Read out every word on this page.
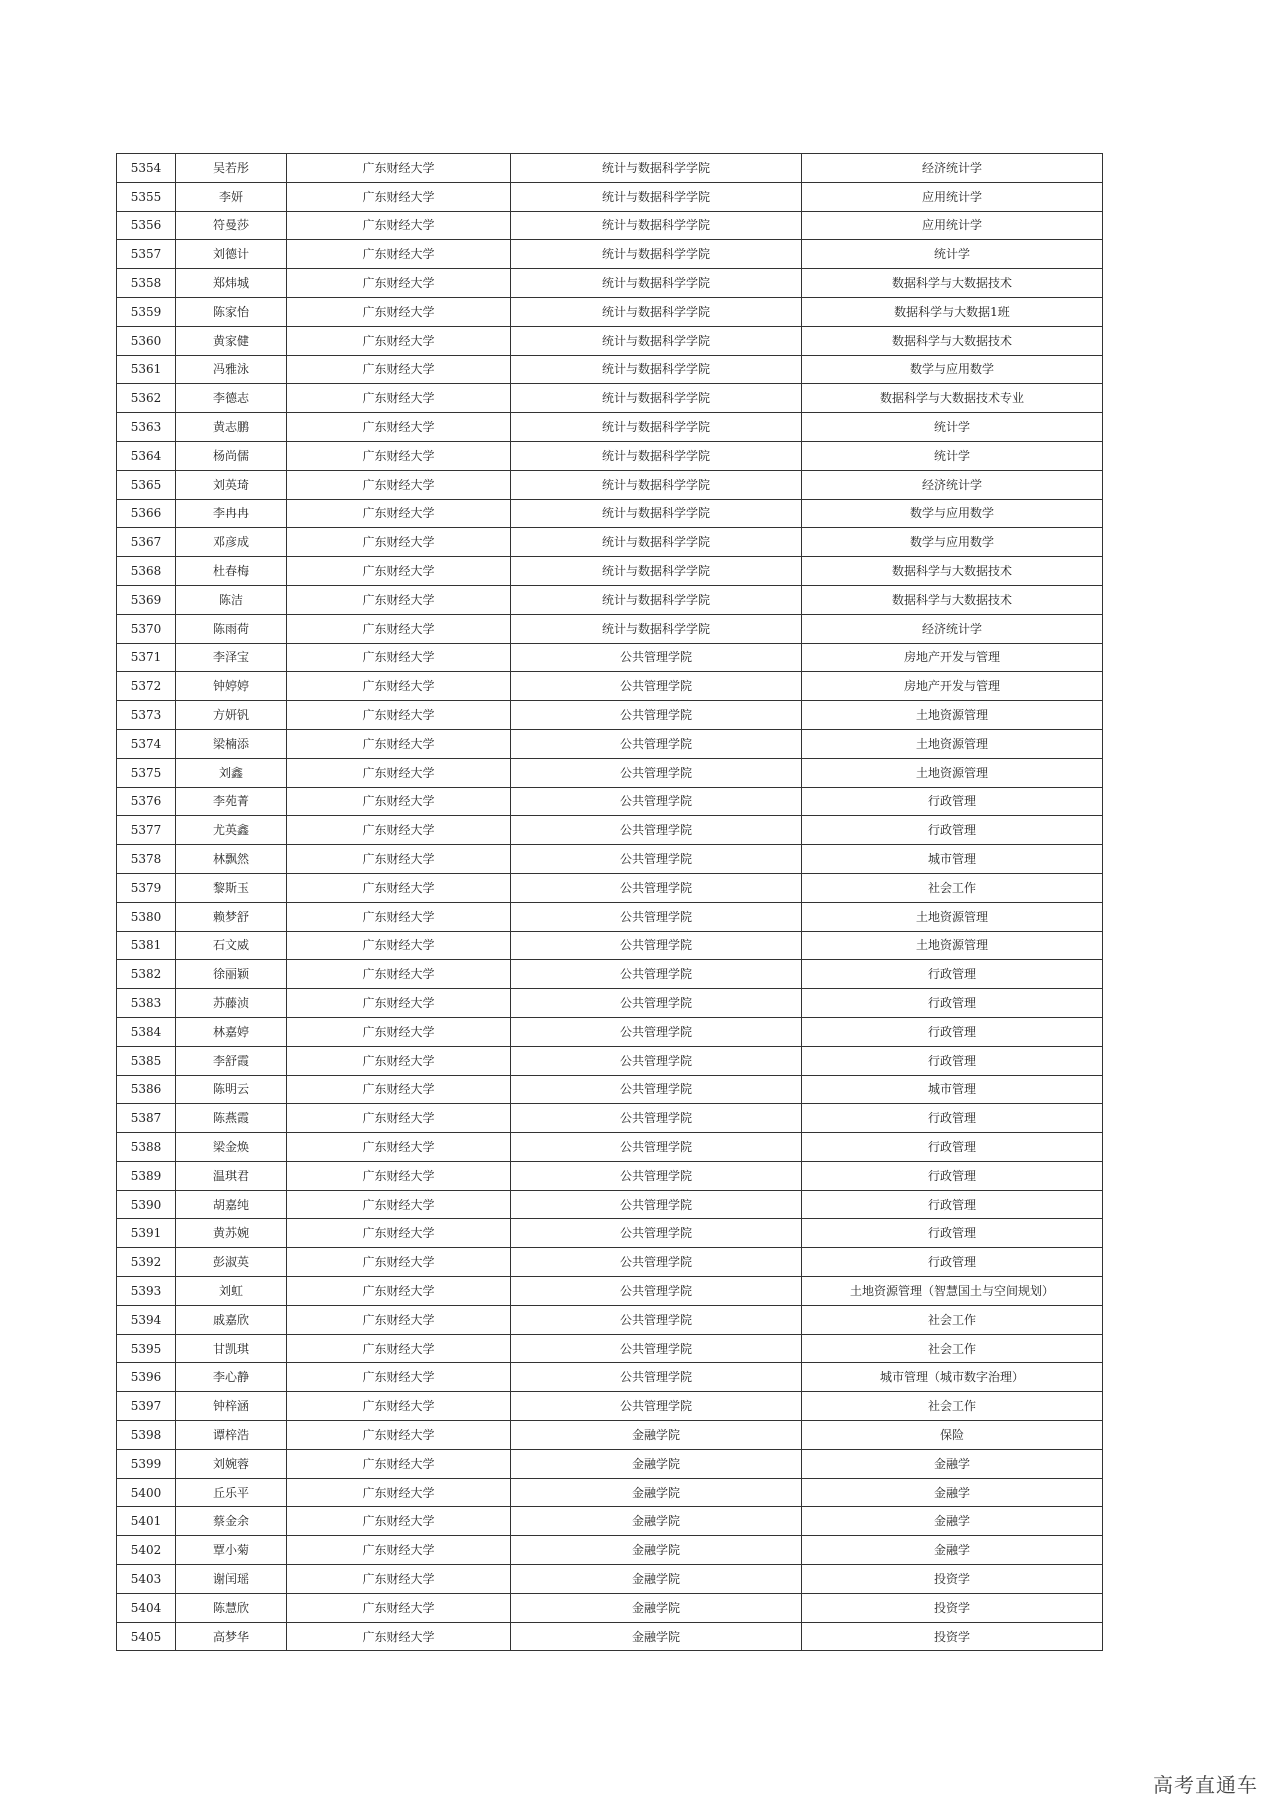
5354	吴若彤	广东财经大学	统计与数据科学学院	经济统计学
5355	李妍	广东财经大学	统计与数据科学学院	应用统计学
5356	符曼莎	广东财经大学	统计与数据科学学院	应用统计学
5357	刘德计	广东财经大学	统计与数据科学学院	统计学
5358	郑炜城	广东财经大学	统计与数据科学学院	数据科学与大数据技术
5359	陈家怡	广东财经大学	统计与数据科学学院	数据科学与大数据1班
5360	黄家健	广东财经大学	统计与数据科学学院	数据科学与大数据技术
5361	冯雅泳	广东财经大学	统计与数据科学学院	数学与应用数学
5362	李德志	广东财经大学	统计与数据科学学院	数据科学与大数据技术专业
5363	黄志鹏	广东财经大学	统计与数据科学学院	统计学
5364	杨尚儒	广东财经大学	统计与数据科学学院	统计学
5365	刘英琦	广东财经大学	统计与数据科学学院	经济统计学
5366	李冉冉	广东财经大学	统计与数据科学学院	数学与应用数学
5367	邓彦成	广东财经大学	统计与数据科学学院	数学与应用数学
5368	杜春梅	广东财经大学	统计与数据科学学院	数据科学与大数据技术
5369	陈洁	广东财经大学	统计与数据科学学院	数据科学与大数据技术
5370	陈雨荷	广东财经大学	统计与数据科学学院	经济统计学
5371	李泽宝	广东财经大学	公共管理学院	房地产开发与管理
5372	钟婷婷	广东财经大学	公共管理学院	房地产开发与管理
5373	方妍钒	广东财经大学	公共管理学院	土地资源管理
5374	梁楠添	广东财经大学	公共管理学院	土地资源管理
5375	刘鑫	广东财经大学	公共管理学院	土地资源管理
5376	李苑菁	广东财经大学	公共管理学院	行政管理
5377	尤英鑫	广东财经大学	公共管理学院	行政管理
5378	林飘然	广东财经大学	公共管理学院	城市管理
5379	黎斯玉	广东财经大学	公共管理学院	社会工作
5380	赖梦舒	广东财经大学	公共管理学院	土地资源管理
5381	石文威	广东财经大学	公共管理学院	土地资源管理
5382	徐丽颖	广东财经大学	公共管理学院	行政管理
5383	苏藤浈	广东财经大学	公共管理学院	行政管理
5384	林嘉婷	广东财经大学	公共管理学院	行政管理
5385	李舒霞	广东财经大学	公共管理学院	行政管理
5386	陈明云	广东财经大学	公共管理学院	城市管理
5387	陈燕霞	广东财经大学	公共管理学院	行政管理
5388	梁金焕	广东财经大学	公共管理学院	行政管理
5389	温琪君	广东财经大学	公共管理学院	行政管理
5390	胡嘉纯	广东财经大学	公共管理学院	行政管理
5391	黄苏婉	广东财经大学	公共管理学院	行政管理
5392	彭淑英	广东财经大学	公共管理学院	行政管理
5393	刘虹	广东财经大学	公共管理学院	土地资源管理（智慧国土与空间规划）
5394	戚嘉欣	广东财经大学	公共管理学院	社会工作
5395	甘凯琪	广东财经大学	公共管理学院	社会工作
5396	李心静	广东财经大学	公共管理学院	城市管理（城市数字治理）
5397	钟梓涵	广东财经大学	公共管理学院	社会工作
5398	谭梓浩	广东财经大学	金融学院	保险
5399	刘婉蓉	广东财经大学	金融学院	金融学
5400	丘乐平	广东财经大学	金融学院	金融学
5401	蔡金余	广东财经大学	金融学院	金融学
5402	覃小菊	广东财经大学	金融学院	金融学
5403	谢闰瑶	广东财经大学	金融学院	投资学
5404	陈慧欣	广东财经大学	金融学院	投资学
5405	高梦华	广东财经大学	金融学院	投资学
高考直通车
